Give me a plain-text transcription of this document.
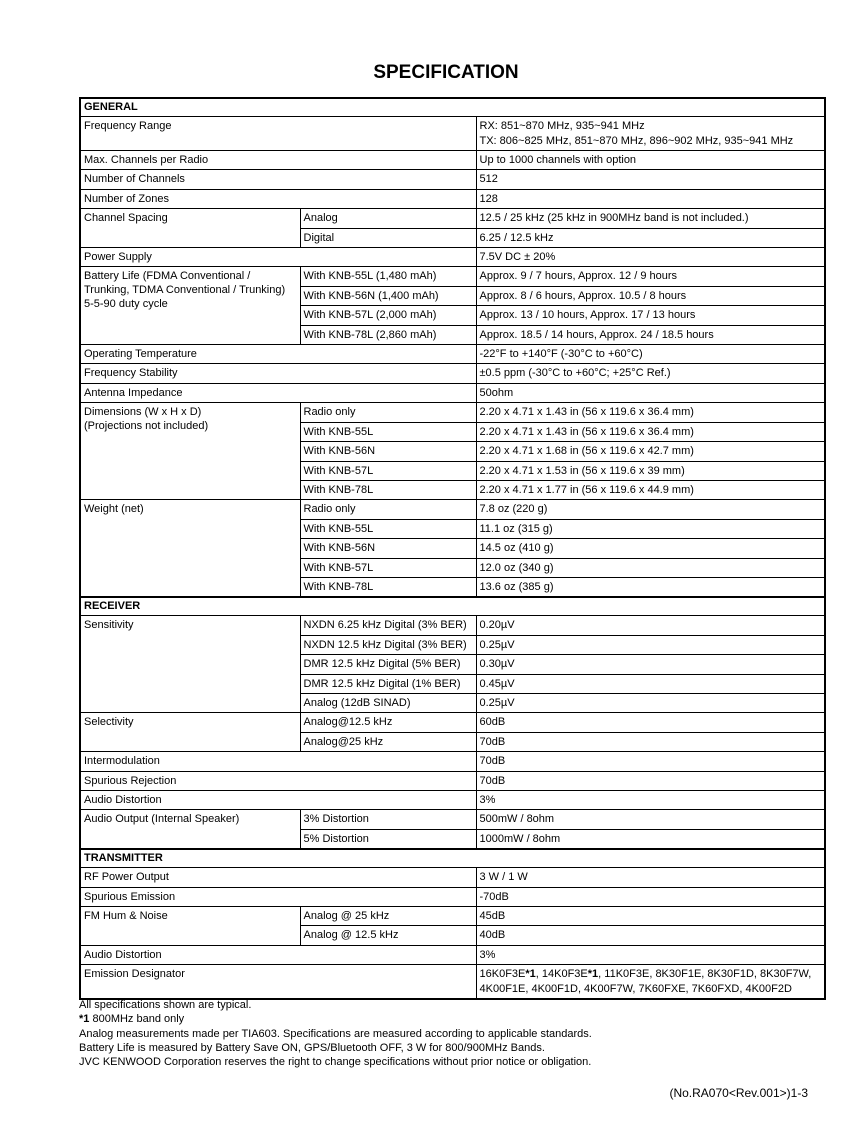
SPECIFICATION
GENERAL		
Frequency Range		RX: 851~870 MHz, 935~941 MHz
TX: 806~825 MHz, 851~870 MHz, 896~902 MHz, 935~941 MHz
Max. Channels per Radio		Up to 1000 channels with option
Number of Channels		512
Number of Zones		128
Channel Spacing	Analog	12.5 / 25 kHz (25 kHz in 900MHz band is not included.)
	Digital	6.25 / 12.5 kHz
Power Supply		7.5V DC ± 20%
Battery Life (FDMA Conventional / Trunking, TDMA Conventional / Trunking) 5-5-90 duty cycle	With KNB-55L (1,480 mAh)	Approx. 9 / 7 hours, Approx. 12 / 9 hours
	With KNB-56N (1,400 mAh)	Approx. 8 / 6 hours, Approx. 10.5 / 8 hours
	With KNB-57L (2,000 mAh)	Approx. 13 / 10 hours, Approx. 17 / 13 hours
	With KNB-78L (2,860 mAh)	Approx. 18.5 / 14 hours, Approx. 24 / 18.5 hours
Operating Temperature		-22°F to +140°F (-30°C to +60°C)
Frequency Stability		±0.5 ppm (-30°C to +60°C; +25°C Ref.)
Antenna Impedance		50ohm
Dimensions (W x H x D)
(Projections not included)	Radio only	2.20 x 4.71 x 1.43 in (56 x 119.6 x 36.4 mm)
	With KNB-55L	2.20 x 4.71 x 1.43 in (56 x 119.6 x 36.4 mm)
	With KNB-56N	2.20 x 4.71 x 1.68 in (56 x 119.6 x 42.7 mm)
	With KNB-57L	2.20 x 4.71 x 1.53 in (56 x 119.6 x 39 mm)
	With KNB-78L	2.20 x 4.71 x 1.77 in (56 x 119.6 x 44.9 mm)
Weight (net)	Radio only	7.8 oz (220 g)
	With KNB-55L	11.1 oz (315 g)
	With KNB-56N	14.5 oz (410 g)
	With KNB-57L	12.0 oz (340 g)
	With KNB-78L	13.6 oz (385 g)
RECEIVER		
Sensitivity	NXDN 6.25 kHz Digital (3% BER)	0.20µV
	NXDN 12.5 kHz Digital (3% BER)	0.25µV
	DMR 12.5 kHz Digital (5% BER)	0.30µV
	DMR 12.5 kHz Digital (1% BER)	0.45µV
	Analog (12dB SINAD)	0.25µV
Selectivity	Analog@12.5 kHz	60dB
	Analog@25 kHz	70dB
Intermodulation		70dB
Spurious Rejection		70dB
Audio Distortion		3%
Audio Output (Internal Speaker)	3% Distortion	500mW / 8ohm
	5% Distortion	1000mW / 8ohm
TRANSMITTER		
RF Power Output		3 W / 1 W
Spurious Emission		-70dB
FM Hum & Noise	Analog @ 25 kHz	45dB
	Analog @ 12.5 kHz	40dB
Audio Distortion		3%
Emission Designator		16K0F3E*1, 14K0F3E*1, 11K0F3E, 8K30F1E, 8K30F1D, 8K30F7W,
4K00F1E, 4K00F1D, 4K00F7W, 7K60FXE, 7K60FXD, 4K00F2D
All specifications shown are typical.
*1 800MHz band only
Analog measurements made per TIA603. Specifications are measured according to applicable standards.
Battery Life is measured by Battery Save ON, GPS/Bluetooth OFF, 3 W for 800/900MHz Bands.
JVC KENWOOD Corporation reserves the right to change specifications without prior notice or obligation.
(No.RA070<Rev.001>)1-3
